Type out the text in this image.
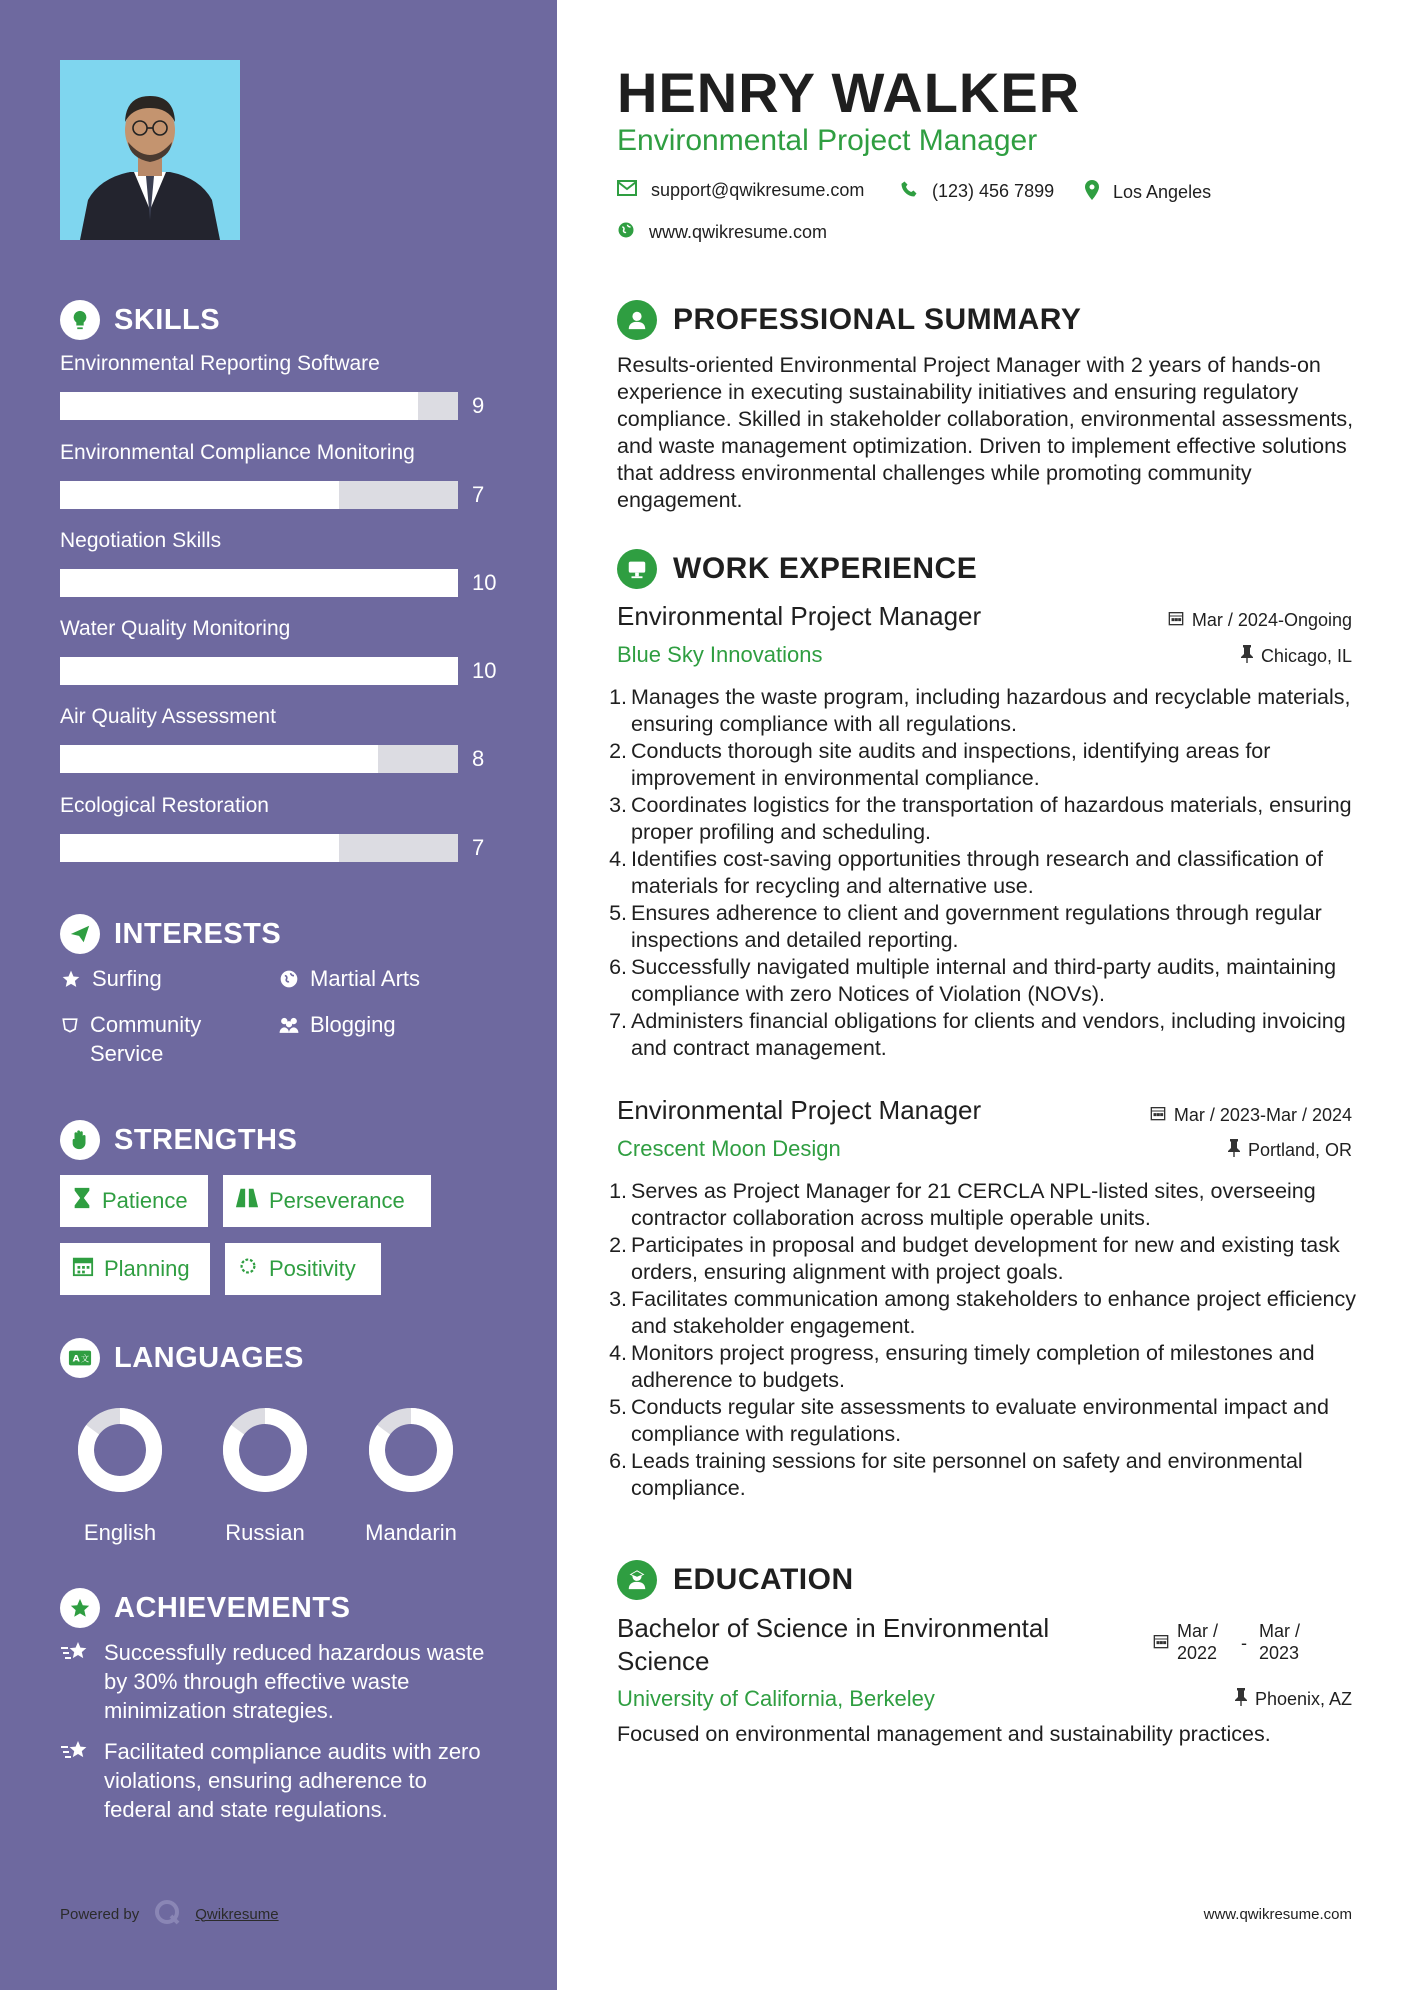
SKILLS
Environmental Reporting Software
9
Environmental Compliance Monitoring
7
Negotiation Skills
10
Water Quality Monitoring
10
Air Quality Assessment
8
Ecological Restoration
7
INTERESTS
Surfing	Martial Arts
Community Service
Blogging
STRENGTHS
Patience	Perseverance
Planning	Positivity
A 文 LANGUAGES
English	Russian	Mandarin
ACHIEVEMENTS
Successfully reduced hazardous waste by 30% through effective waste minimization strategies.
Facilitated compliance audits with zero violations, ensuring adherence to federal and state regulations.
Powered by	Qwikresume
HENRY WALKER
Environmental Project Manager
support@qwikresume.com	(123) 456 7899	Los Angeles
www.qwikresume.com
PROFESSIONAL SUMMARY
Results-oriented Environmental Project Manager with 2 years of hands-on experience in executing sustainability initiatives and ensuring regulatory compliance. Skilled in stakeholder collaboration, environmental assessments, and waste management optimization. Driven to implement effective solutions that address environmental challenges while promoting community engagement.
WORK EXPERIENCE
Environmental Project Manager	Mar / 2024-Ongoing
Blue Sky Innovations	Chicago, IL
1. Manages the waste program, including hazardous and recyclable materials, ensuring compliance with all regulations.
2. Conducts thorough site audits and inspections, identifying areas for improvement in environmental compliance.
3. Coordinates logistics for the transportation of hazardous materials, ensuring proper profiling and scheduling.
4. Identifies cost-saving opportunities through research and classification of materials for recycling and alternative use.
5. Ensures adherence to client and government regulations through regular inspections and detailed reporting.
6. Successfully navigated multiple internal and third-party audits, maintaining compliance with zero Notices of Violation (NOVs).
7. Administers financial obligations for clients and vendors, including invoicing and contract management.
Environmental Project Manager	Mar / 2023-Mar / 2024
Crescent Moon Design	Portland, OR
1. Serves as Project Manager for 21 CERCLA NPL-listed sites, overseeing contractor collaboration across multiple operable units.
2. Participates in proposal and budget development for new and existing task orders, ensuring alignment with project goals.
3. Facilitates communication among stakeholders to enhance project efficiency and stakeholder engagement.
4. Monitors project progress, ensuring timely completion of milestones and adherence to budgets.
5. Conducts regular site assessments to evaluate environmental impact and compliance with regulations.
6. Leads training sessions for site personnel on safety and environmental compliance.
EDUCATION
Bachelor of Science in Environmental Science
Mar / 2022	-
Mar / 2023
University of California, Berkeley	Phoenix, AZ
Focused on environmental management and sustainability practices.
www.qwikresume.com
